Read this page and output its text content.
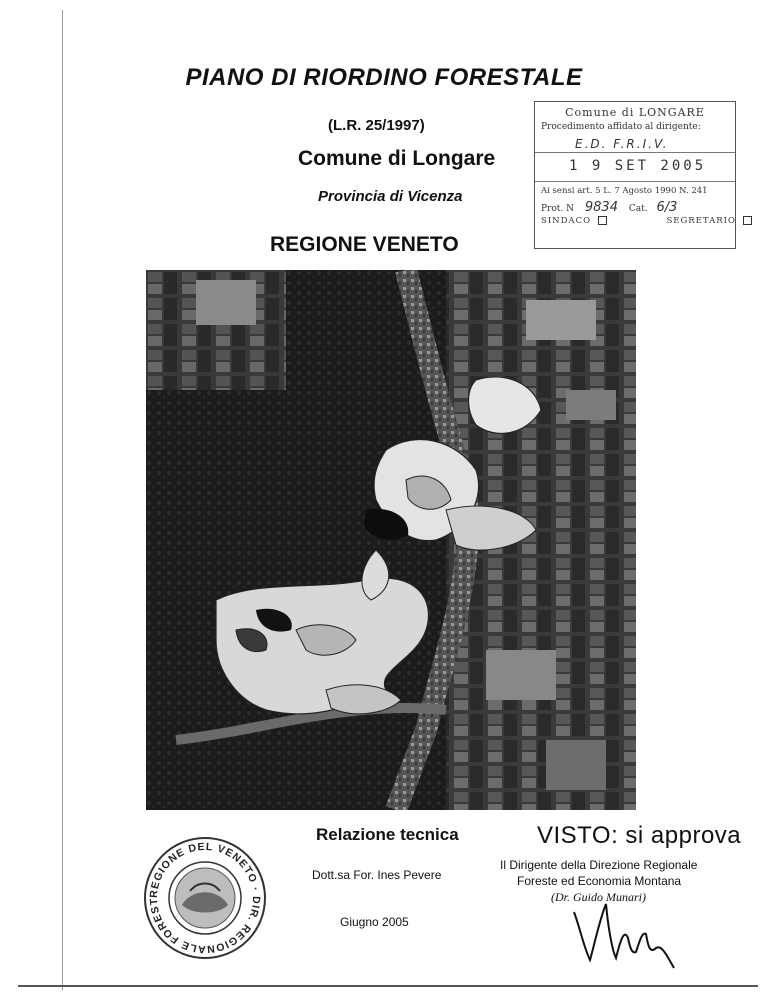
PIANO DI RIORDINO FORESTALE
(L.R. 25/1997)
Comune di Longare
Provincia di Vicenza
REGIONE VENETO
Comune di LONGARE
Procedimento affidato al dirigente:
E.D. F.R.I.V.
1 9 SET 2005
Ai sensi art. 5 L. 7 Agosto 1990 N. 241
Prot. N 9834 Cat. 6/3
SINDACO	SEGRETARIO
REGIONE DEL VENETO · DIR. REGIONALE FOREST
Relazione tecnica
Dott.sa For. Ines Pevere
Giugno 2005
VISTO: si approva
Il Dirigente della Direzione Regionale
Foreste ed Economia Montana
(Dr. Guido Munari)
